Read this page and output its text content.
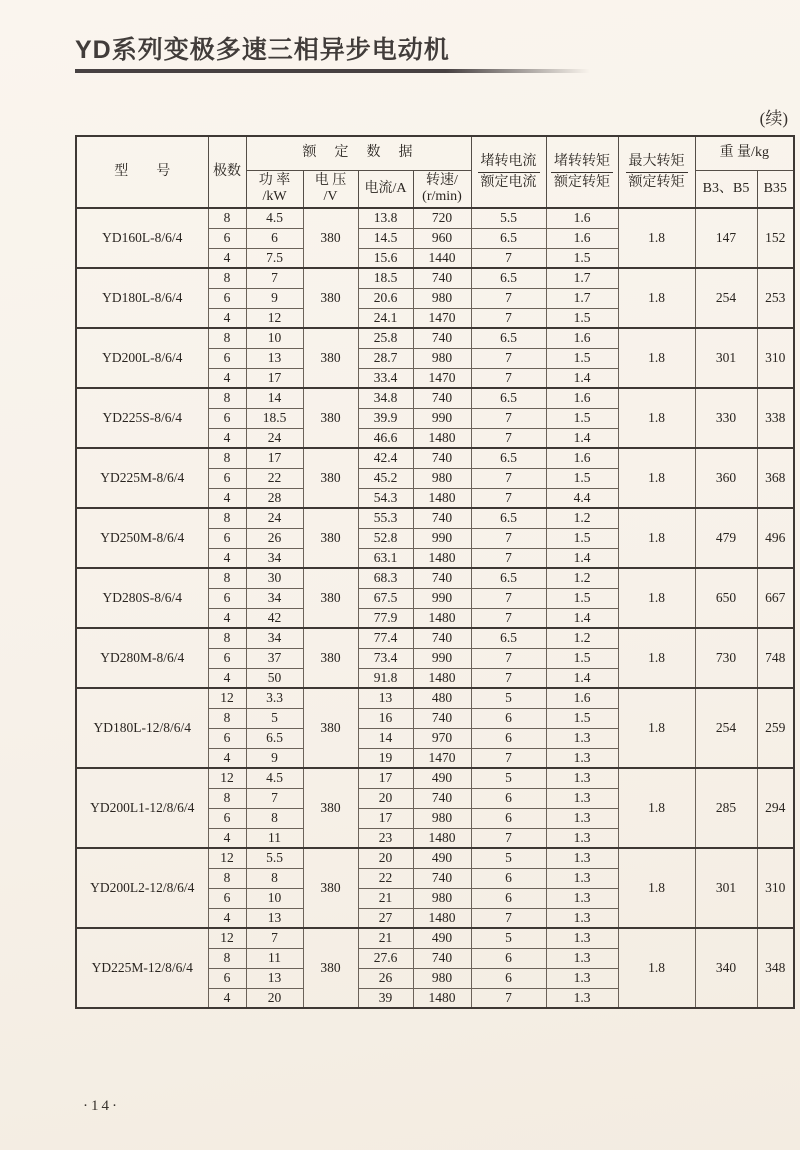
YD系列变极多速三相异步电动机
(续)
型　　号	极数	额　定　数　据				$\frac{\text{堵转电流}}{\text{额定电流}}$	$\frac{\text{堵转转矩}}{\text{额定转矩}}$	$\frac{\text{最大转矩}}{\text{额定转矩}}$	重 量/kg	

		功 率
/kW	电 压
/V	电流/A	转速/
(r/min)				B3、B5	B35
YD160L-8/6/4	8	4.5	380	13.8	720	5.5	1.6	1.8	147	152
	6	6		14.5	960	6.5	1.6			
	4	7.5		15.6	1440	7	1.5			
YD180L-8/6/4	8	7	380	18.5	740	6.5	1.7	1.8	254	253
	6	9		20.6	980	7	1.7			
	4	12		24.1	1470	7	1.5			
YD200L-8/6/4	8	10	380	25.8	740	6.5	1.6	1.8	301	310
	6	13		28.7	980	7	1.5			
	4	17		33.4	1470	7	1.4			
YD225S-8/6/4	8	14	380	34.8	740	6.5	1.6	1.8	330	338
	6	18.5		39.9	990	7	1.5			
	4	24		46.6	1480	7	1.4			
YD225M-8/6/4	8	17	380	42.4	740	6.5	1.6	1.8	360	368
	6	22		45.2	980	7	1.5			
	4	28		54.3	1480	7	4.4			
YD250M-8/6/4	8	24	380	55.3	740	6.5	1.2	1.8	479	496
	6	26		52.8	990	7	1.5			
	4	34		63.1	1480	7	1.4			
YD280S-8/6/4	8	30	380	68.3	740	6.5	1.2	1.8	650	667
	6	34		67.5	990	7	1.5			
	4	42		77.9	1480	7	1.4			
YD280M-8/6/4	8	34	380	77.4	740	6.5	1.2	1.8	730	748
	6	37		73.4	990	7	1.5			
	4	50		91.8	1480	7	1.4			
YD180L-12/8/6/4	12	3.3	380	13	480	5	1.6	1.8	254	259
	8	5		16	740	6	1.5			
	6	6.5		14	970	6	1.3			
	4	9		19	1470	7	1.3			
YD200L1-12/8/6/4	12	4.5	380	17	490	5	1.3	1.8	285	294
	8	7		20	740	6	1.3			
	6	8		17	980	6	1.3			
	4	11		23	1480	7	1.3			
YD200L2-12/8/6/4	12	5.5	380	20	490	5	1.3	1.8	301	310
	8	8		22	740	6	1.3			
	6	10		21	980	6	1.3			
	4	13		27	1480	7	1.3			
YD225M-12/8/6/4	12	7	380	21	490	5	1.3	1.8	340	348
	8	11		27.6	740	6	1.3			
	6	13		26	980	6	1.3			
	4	20		39	1480	7	1.3			
·14·
